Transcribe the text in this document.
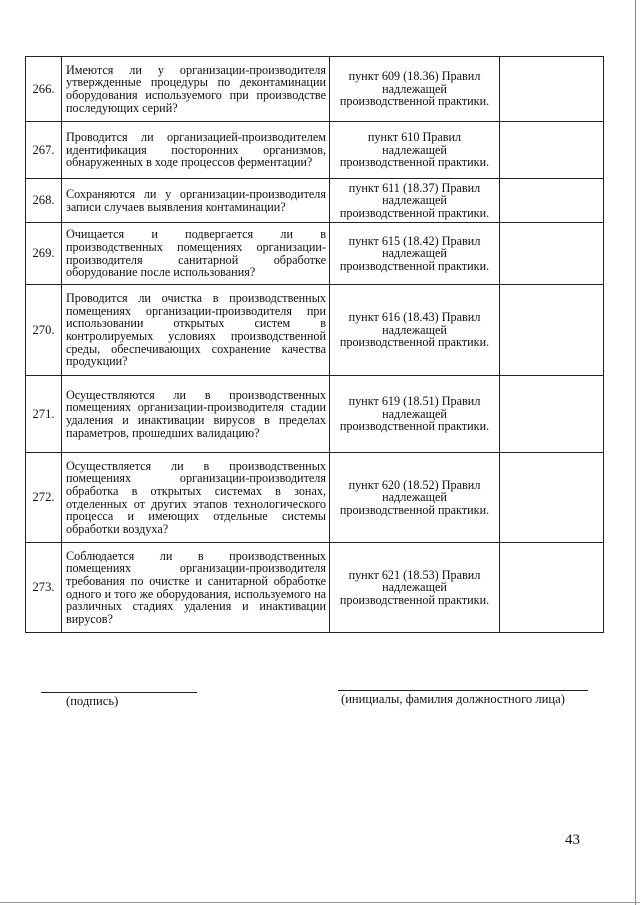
266.	Имеются ли у организации-производителя утвержденные процедуры по деконтаминации оборудования используемого при производстве последующих серий?	пункт 609 (18.36) Правил надлежащей производственной практики.	
267.	Проводится ли организацией-производителем идентификация посторонних организмов, обнаруженных в ходе процессов ферментации?	пункт 610 Правил надлежащей производственной практики.	
268.	Сохраняются ли у организации-производителя записи случаев выявления контаминации?	пункт 611 (18.37) Правил надлежащей производственной практики.	
269.	Очищается и подвергается ли в производственных помещениях организации-производителя санитарной обработке оборудование после использования?	пункт 615 (18.42) Правил надлежащей производственной практики.	
270.	Проводится ли очистка в производственных помещениях организации-производителя при использовании открытых систем в контролируемых условиях производственной среды, обеспечивающих сохранение качества продукции?	пункт 616 (18.43) Правил надлежащей производственной практики.	
271.	Осуществляются ли в производственных помещениях организации-производителя стадии удаления и инактивации вирусов в пределах параметров, прошедших валидацию?	пункт 619 (18.51) Правил надлежащей производственной практики.	
272.	Осуществляется ли в производственных помещениях организации-производителя обработка в открытых системах в зонах, отделенных от других этапов технологического процесса и имеющих отдельные системы обработки воздуха?	пункт 620 (18.52) Правил надлежащей производственной практики.	
273.	Соблюдается ли в производственных помещениях организации-производителя требования по очистке и санитарной обработке одного и того же оборудования, используемого на различных стадиях удаления и инактивации вирусов?	пункт 621 (18.53) Правил надлежащей производственной практики.	
(подпись)	(инициалы, фамилия должностного лица)
43
